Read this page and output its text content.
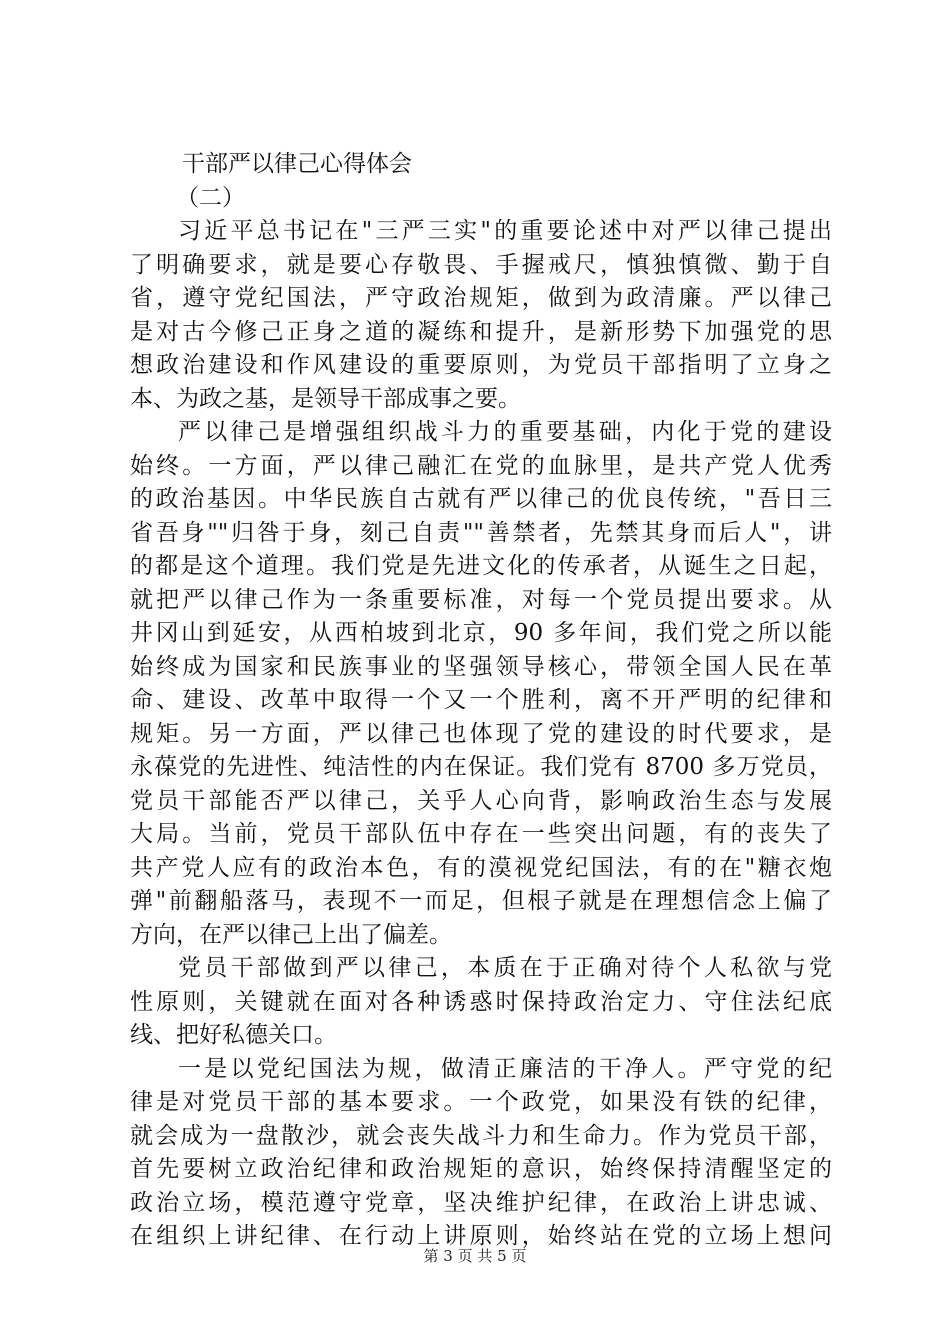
干部严以律己心得体会
（二）
习近平总书记在"三严三实"的重要论述中对严以律己提出
了明确要求，就是要心存敬畏、手握戒尺，慎独慎微、勤于自
省，遵守党纪国法，严守政治规矩，做到为政清廉。严以律己
是对古今修己正身之道的凝练和提升，是新形势下加强党的思
想政治建设和作风建设的重要原则，为党员干部指明了立身之
本、为政之基，是领导干部成事之要。
严以律己是增强组织战斗力的重要基础，内化于党的建设
始终。一方面，严以律己融汇在党的血脉里，是共产党人优秀
的政治基因。中华民族自古就有严以律己的优良传统，"吾日三
省吾身""归咎于身，刻己自责""善禁者，先禁其身而后人"，讲
的都是这个道理。我们党是先进文化的传承者，从诞生之日起，
就把严以律己作为一条重要标准，对每一个党员提出要求。从
井冈山到延安，从西柏坡到北京，90 多年间，我们党之所以能
始终成为国家和民族事业的坚强领导核心，带领全国人民在革
命、建设、改革中取得一个又一个胜利，离不开严明的纪律和
规矩。另一方面，严以律己也体现了党的建设的时代要求，是
永葆党的先进性、纯洁性的内在保证。我们党有 8700 多万党员，
党员干部能否严以律己，关乎人心向背，影响政治生态与发展
大局。当前，党员干部队伍中存在一些突出问题，有的丧失了
共产党人应有的政治本色，有的漠视党纪国法，有的在"糖衣炮
弹"前翻船落马，表现不一而足，但根子就是在理想信念上偏了
方向，在严以律己上出了偏差。
党员干部做到严以律己，本质在于正确对待个人私欲与党
性原则，关键就在面对各种诱惑时保持政治定力、守住法纪底
线、把好私德关口。
一是以党纪国法为规，做清正廉洁的干净人。严守党的纪
律是对党员干部的基本要求。一个政党，如果没有铁的纪律，
就会成为一盘散沙，就会丧失战斗力和生命力。作为党员干部，
首先要树立政治纪律和政治规矩的意识，始终保持清醒坚定的
政治立场，模范遵守党章，坚决维护纪律，在政治上讲忠诚、
在组织上讲纪律、在行动上讲原则，始终站在党的立场上想问
第 3 页 共 5 页
